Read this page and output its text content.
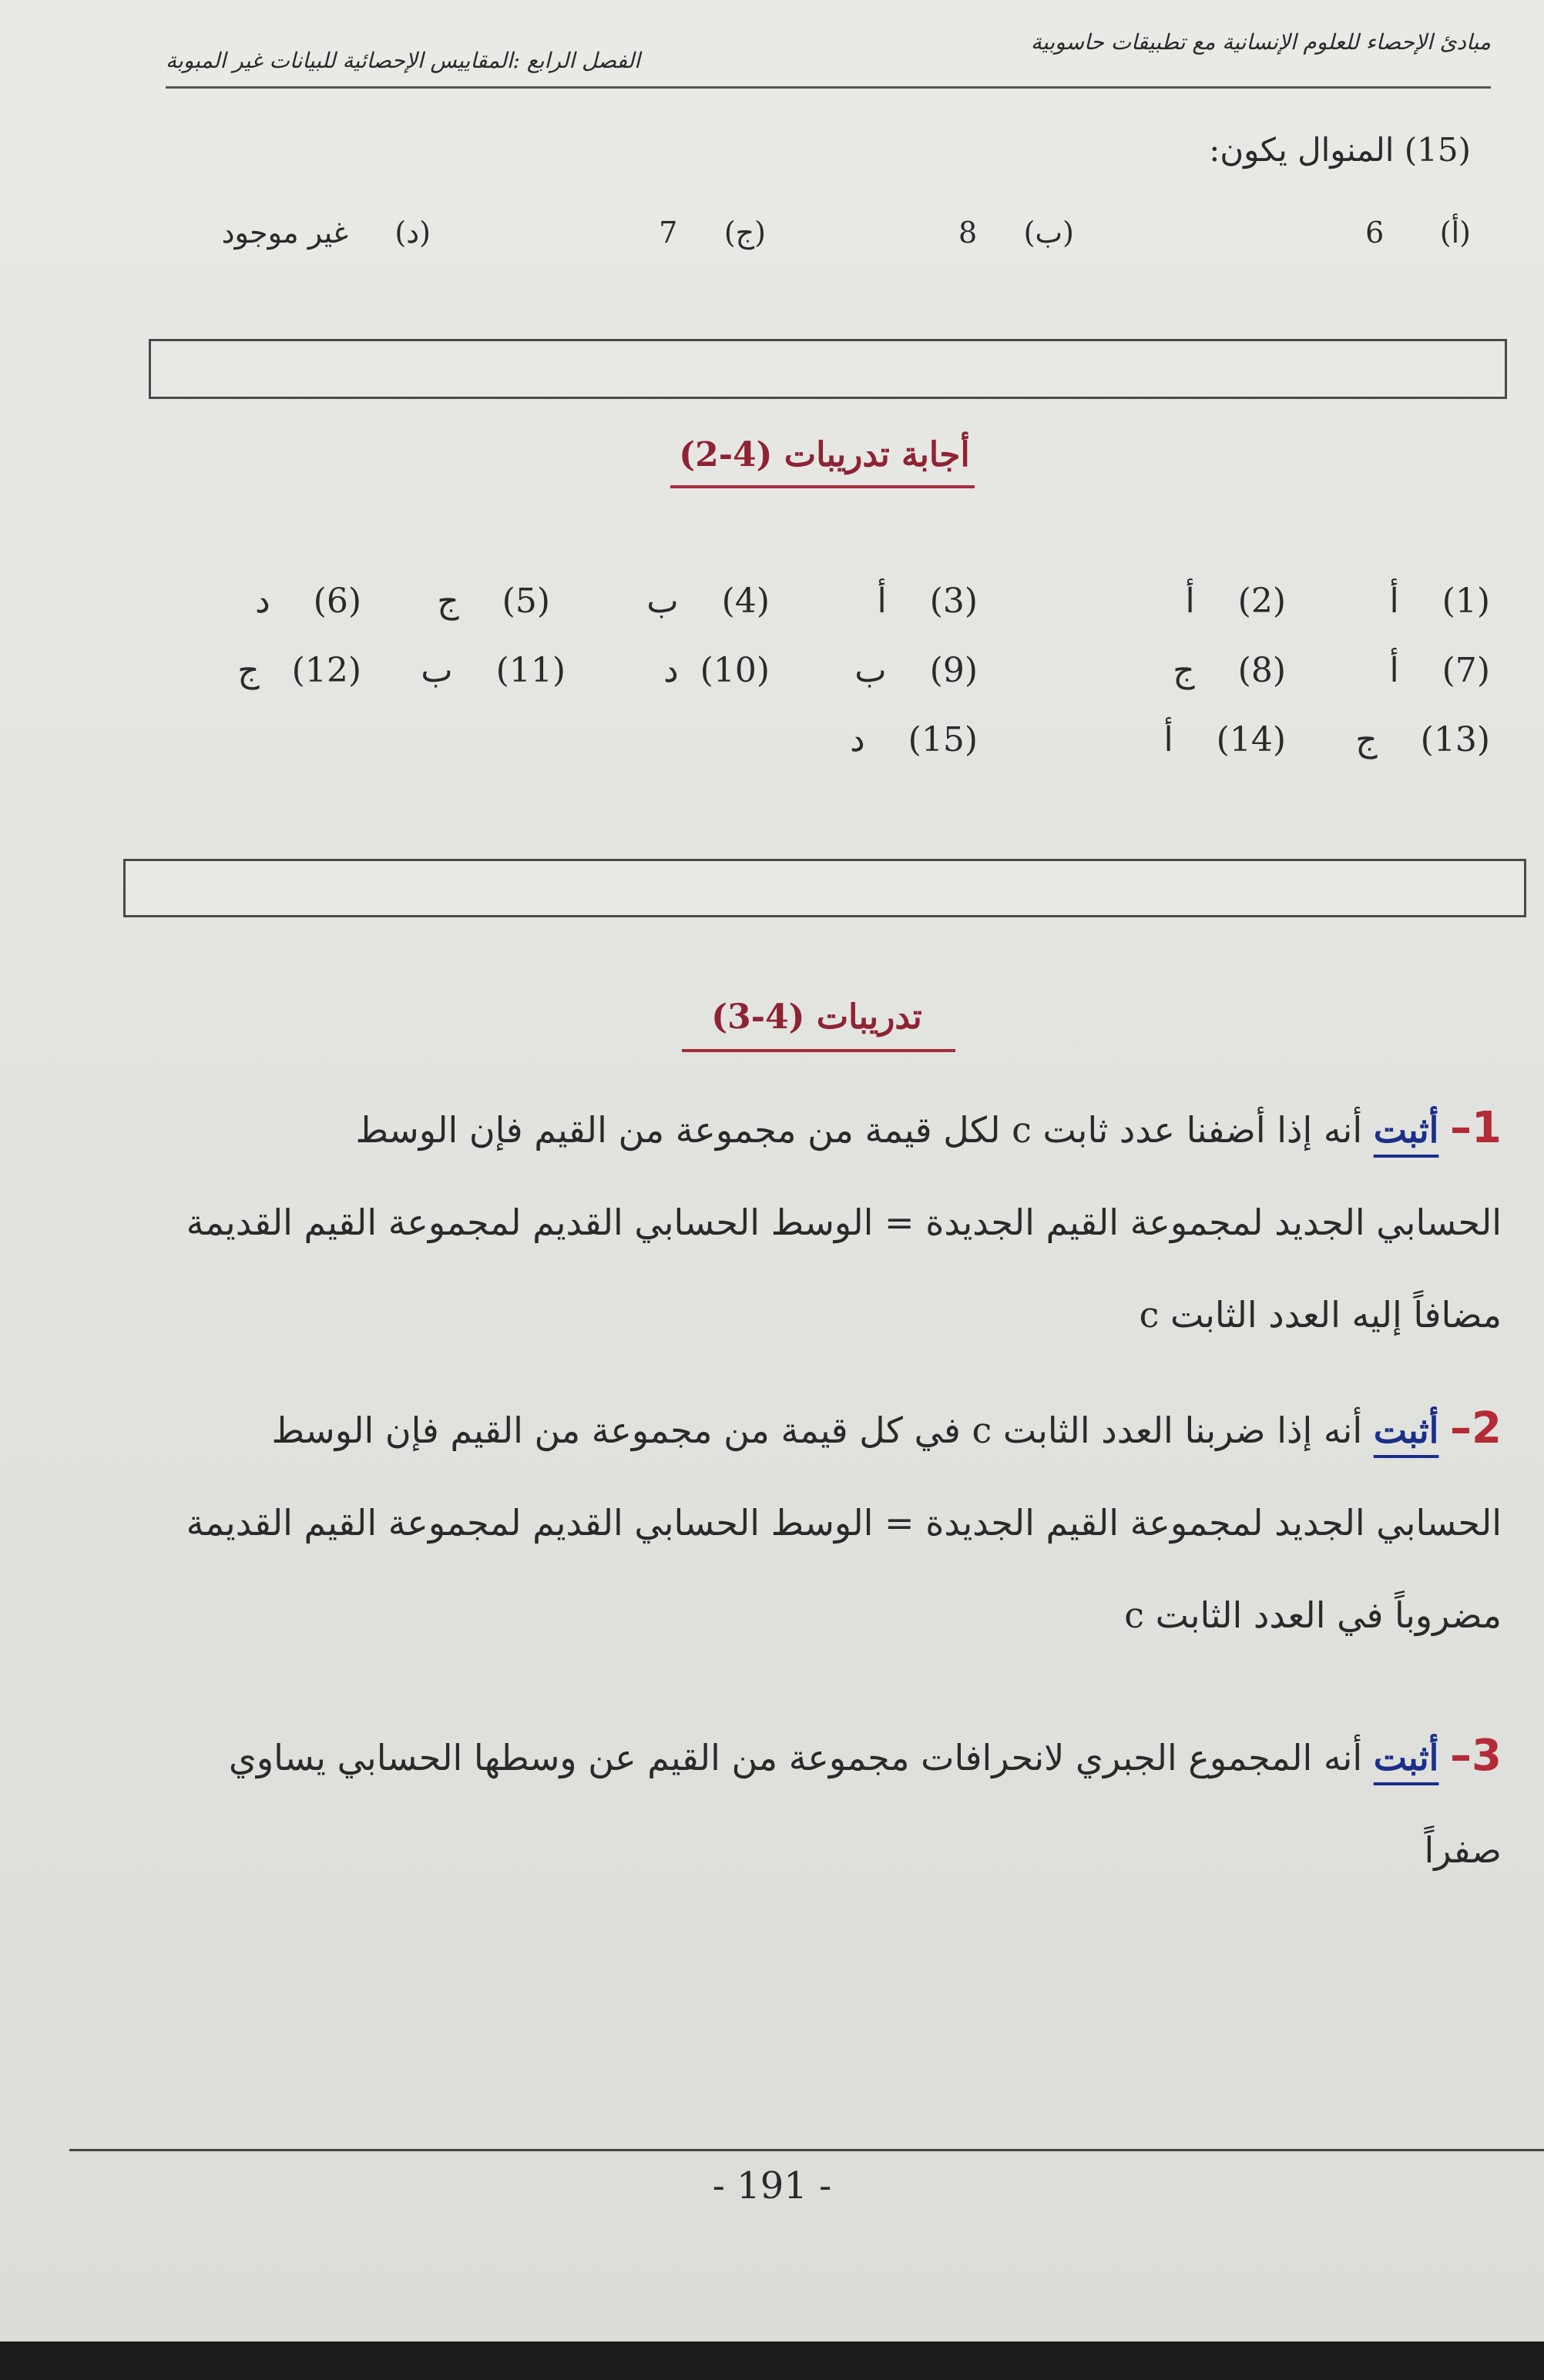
مبادئ الإحصاء للعلوم الإنسانية مع تطبيقات حاسوبية
الفصل الرابع :المقاييس الإحصائية للبيانات غير المبوبة
(15) المنوال يكون:
(أ)      6
(ب)     8
(ج)     7
(د)     غير موجود
أجابة تدريبات (4-2)
(1)    أ
(2)    أ
(3)    أ
(4)    ب
(5)    ج
(6)    د
(7)    أ
(8)    ج
(9)    ب
(10)  د
(11)    ب
(12)   ج
(13)    ج
(14)    أ
(15)    د
تدريبات (4-3)
1– أثبت أنه إذا أضفنا عدد ثابت c لكل قيمة من مجموعة من القيم فإن الوسط
الحسابي الجديد لمجموعة القيم الجديدة = الوسط الحسابي القديم لمجموعة القيم القديمة
مضافاً إليه العدد الثابت c
2– أثبت أنه إذا ضربنا العدد الثابت c في كل قيمة من مجموعة من القيم فإن الوسط
الحسابي الجديد لمجموعة القيم الجديدة = الوسط الحسابي القديم لمجموعة القيم القديمة
مضروباً في العدد الثابت c
3– أثبت أنه المجموع الجبري لانحرافات مجموعة من القيم عن وسطها الحسابي يساوي
صفراً
- 191 -
